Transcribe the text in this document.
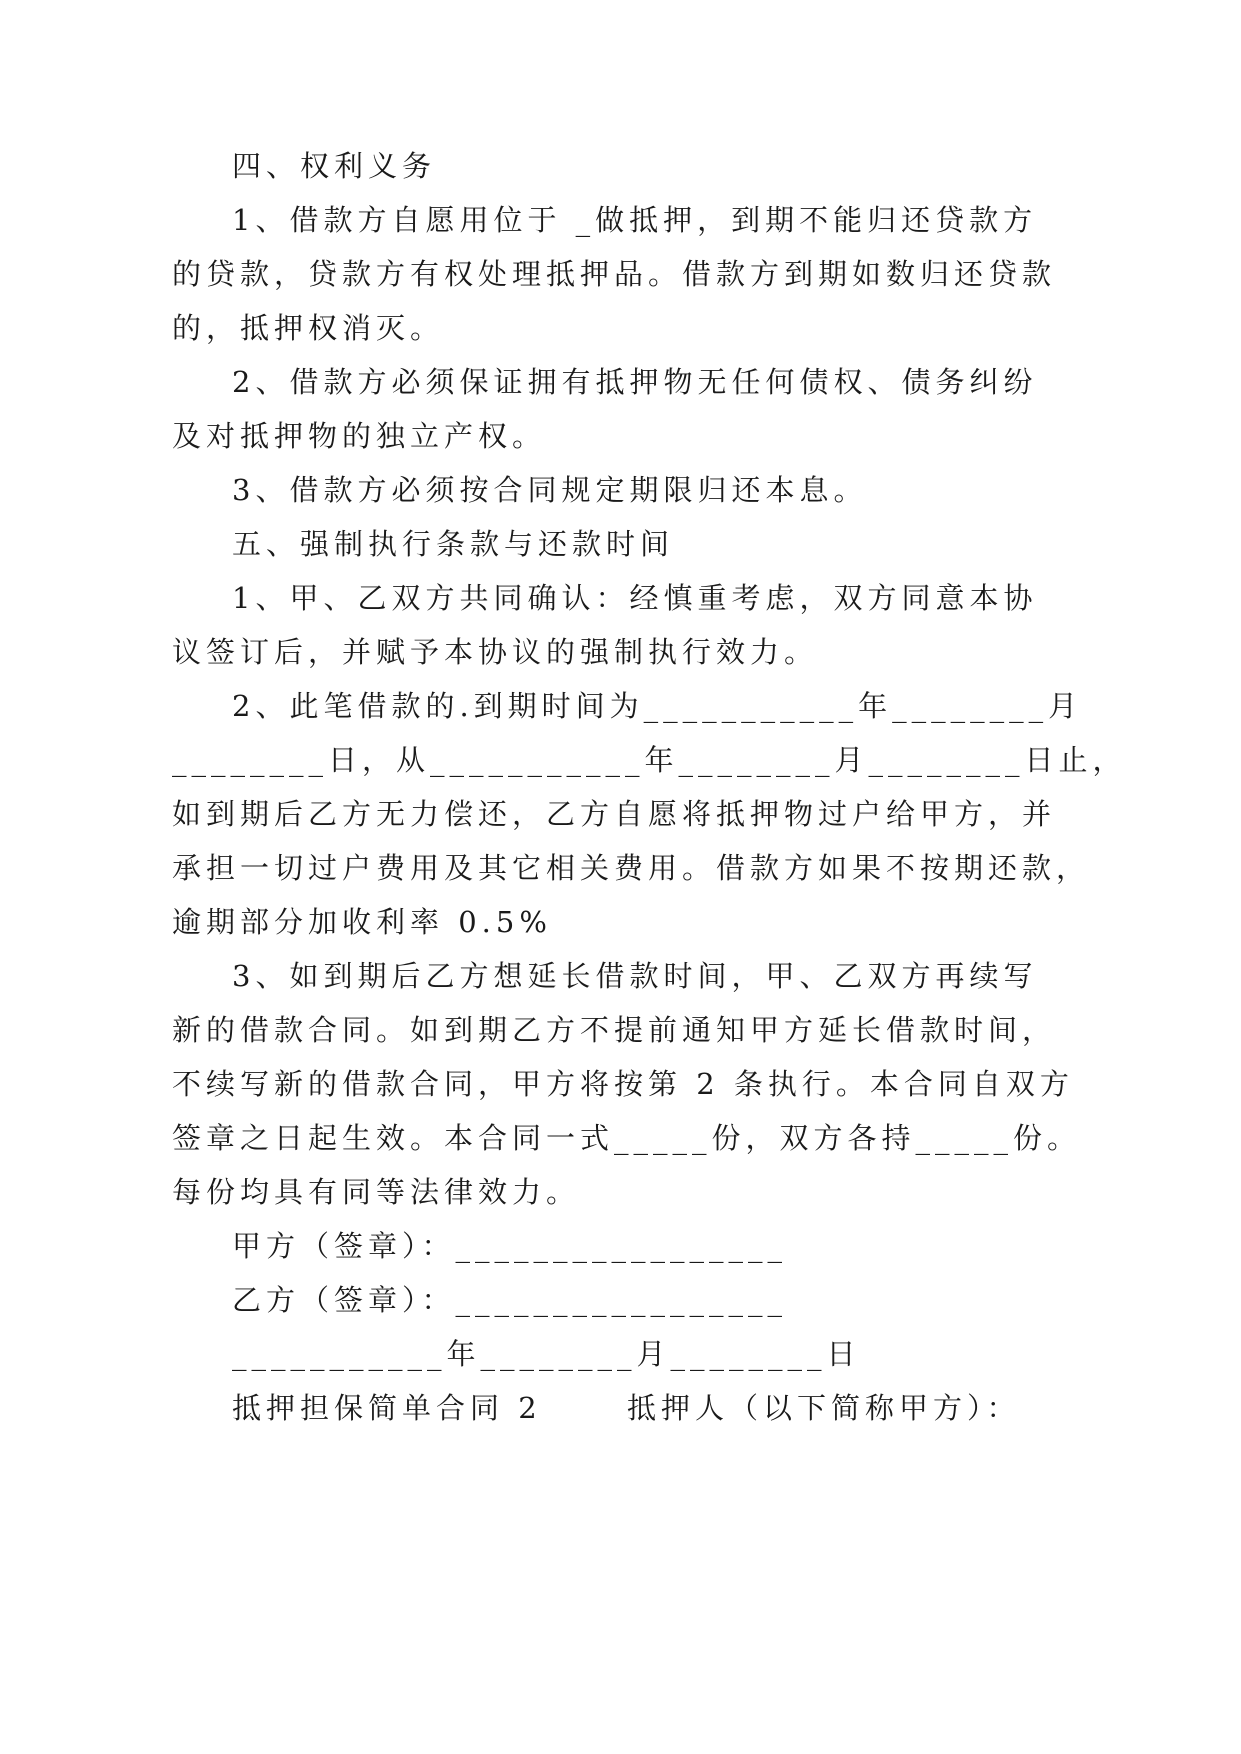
四、权利义务
1、借款方自愿用位于 _做抵押，到期不能归还贷款方
的贷款，贷款方有权处理抵押品。借款方到期如数归还贷款
的，抵押权消灭。
2、借款方必须保证拥有抵押物无任何债权、债务纠纷
及对抵押物的独立产权。
3、借款方必须按合同规定期限归还本息。
五、强制执行条款与还款时间
1、甲、乙双方共同确认：经慎重考虑，双方同意本协
议签订后，并赋予本协议的强制执行效力。
2、此笔借款的.到期时间为___________年________月
________日，从___________年________月________日止，
如到期后乙方无力偿还，乙方自愿将抵押物过户给甲方，并
承担一切过户费用及其它相关费用。借款方如果不按期还款，
逾期部分加收利率 0.5%
3、如到期后乙方想延长借款时间，甲、乙双方再续写
新的借款合同。如到期乙方不提前通知甲方延长借款时间，
不续写新的借款合同，甲方将按第 2 条执行。本合同自双方
签章之日起生效。本合同一式_____份，双方各持_____份。
每份均具有同等法律效力。
甲方（签章）：_________________
乙方（签章）：_________________
___________年________月________日
抵押担保简单合同 2      抵押人（以下简称甲方）：
